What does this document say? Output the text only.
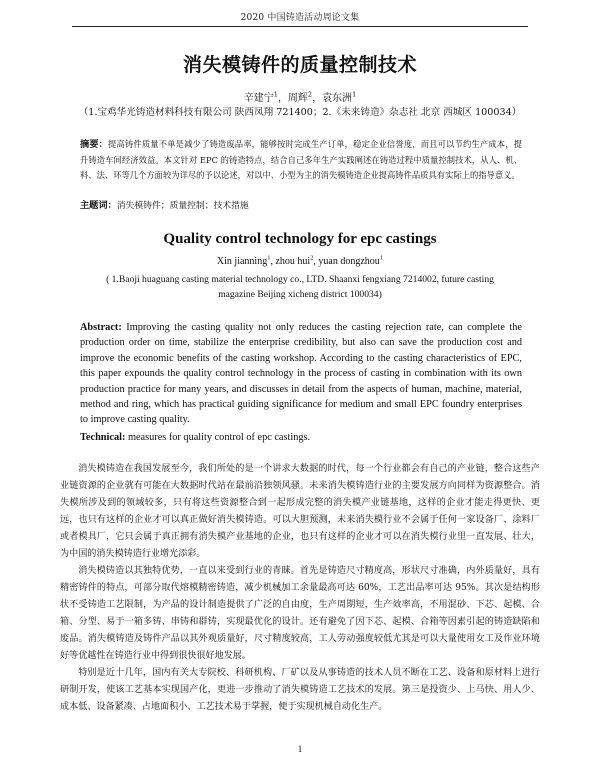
2020 中国铸造活动周论文集
消失模铸件的质量控制技术
辛建宁$^1$，周辉$^2$，袁东洲$^1$
（1.宝鸡华光铸造材料科技有限公司 陕西凤翔 721400；2.《未来铸造》杂志社 北京 西城区 100034）
摘要：提高铸件质量不单是减少了铸造废品率，能够按时完成生产订单，稳定企业信誉度，而且可以节约生产成本，提升铸造车间经济效益。本文针对 EPC 的铸造特点，结合自己多年生产实践阐述在铸造过程中质量控制技术，从人、机、料、法、环等几个方面较为详尽的予以论述，对以中、小型为主的消失模铸造企业提高铸件品质具有实际上的指导意义。
主题词：消失模铸件；质量控制；技术措施
Quality control technology for epc castings
Xin jianning$^1$, zhou hui$^2$, yuan dongzhou$^1$
( 1.Baoji huaguang casting material technology co., LTD. Shaanxi fengxiang 7214002, future casting magazine Beijing xicheng district 100034)
Abstract: Improving the casting quality not only reduces the casting rejection rate, can complete the production order on time, stabilize the enterprise credibility, but also can save the production cost and improve the economic benefits of the casting workshop. According to the casting characteristics of EPC, this paper expounds the quality control technology in the process of casting in combination with its own production practice for many years, and discusses in detail from the aspects of human, machine, material, method and ring, which has practical guiding significance for medium and small EPC foundry enterprises to improve casting quality.
Technical: measures for quality control of epc castings.

消失模铸造在我国发展至今，我们所处的是一个讲求大数据的时代，每一个行业都会有自己的产业链，整合这些产业链资源的企业就有可能在大数据时代站在最前沿独领风骚。未来消失模铸造行业的主要发展方向同样为资源整合。消失模所涉及到的领域较多，只有将这些资源整合到一起形成完整的消失模产业链基地，这样的企业才能走得更快、更远，也只有这样的企业才可以真正做好消失模铸造。可以大胆预测，未来消失模行业不会属于任何一家设备厂、涂料厂或者模具厂，它只会属于真正拥有消失模产业基地的企业，也只有这样的企业才可以在消失模行业里一直发展、壮大，为中国的消失模铸造行业增光添彩。

消失模铸造以其独特优势，一直以来受到行业的青睐。首先是铸造尺寸精度高，形状尺寸准确，内外质量好，具有精密铸件的特点，可部分取代熔模精密铸造，减少机械加工余量最高可达 60%，工艺出品率可达 95%。其次是结构形状不受铸造工艺限制，为产品的设计制造提供了广泛的自由度，生产周期短，生产效率高，不用混砂、下芯、起模、合箱、分型、易于一箱多铸、串铸和群铸，实现最优化的设计。还有避免了因下芯、起模、合箱等因素引起的铸造缺陷和废品。消失模铸造及铸件产品以其外观质量好，尺寸精度较高，工人劳动强度较低尤其是可以大量使用女工及作业环境好等优越性在铸造行业中得到很快很好地发展。

特别是近十几年，国内有关大专院校、科研机构、厂矿以及从事铸造的技术人员不断在工艺、设备和原材料上进行研制开发，使该工艺基本实现国产化，更进一步推动了消失模铸造工艺技术的发展。第三是投资少、上马快、用人少、成本低、设备紧凑、占地面积小、工艺技术易于掌握，便于实现机械自动化生产。

1
